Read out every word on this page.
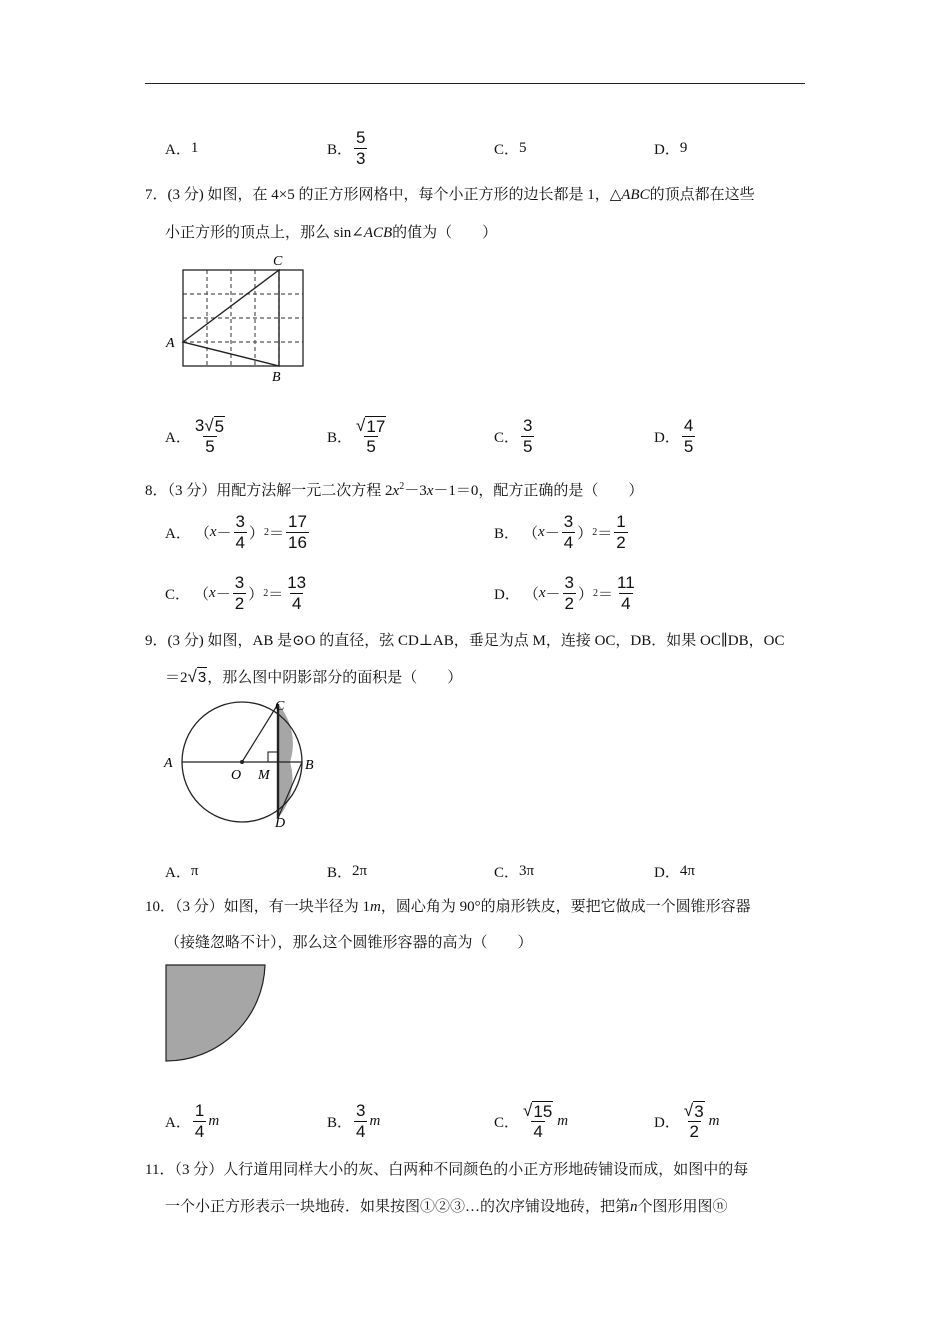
A． 1	B． $\frac{5}{3}$	C． 5	D． 9
7．(3 分) 如图，在 4×5 的正方形网格中，每个小正方形的边长都是 1，△ABC的顶点都在这些
小正方形的顶点上，那么 sin∠ACB的值为（　　）
A
C
B
A． $\frac{3 √ 5}{5}$	B． $\frac{√ 17}{5}$	C． $\frac{3}{5}$	D． $\frac{4}{5}$
8．（3 分）用配方法解一元二次方程 $2x^2-3x-1=0$，配方正确的是（　　）
A． （ $x - \frac{3}{4}$ ） $2 = \frac{17}{16}$	B． （ $x - \frac{3}{4}$ ） $2 = \frac{1}{2}$
C． （ $x - \frac{3}{2}$ ） $2 = \frac{13}{4}$	D． （ $x - \frac{3}{2}$ ） $2 = \frac{11}{4}$
9．(3 分) 如图，AB 是⊙O 的直径，弦 CD⊥AB，垂足为点 M，连接 OC，DB．如果 OC∥DB，OC
＝2 √ 3 ，那么图中阴影部分的面积是（　　）
A
O M
B
C
D
A． π	B． 2π	C． 3π	D． 4π
10．（3 分）如图，有一块半径为 1m，圆心角为 90°的扇形铁皮，要把它做成一个圆锥形容器
（接缝忽略不计），那么这个圆锥形容器的高为（　　）
A． $\frac{1}{4}$ m	B． $\frac{3}{4}$ m	C． $\frac{√ 15}{4}$ m	D． $\frac{√ 3}{2}$ m
11．（3 分）人行道用同样大小的灰、白两种不同颜色的小正方形地砖铺设而成，如图中的每
一个小正方形表示一块地砖．如果按图①②③…的次序铺设地砖，把第n个图形用图ⓝ
